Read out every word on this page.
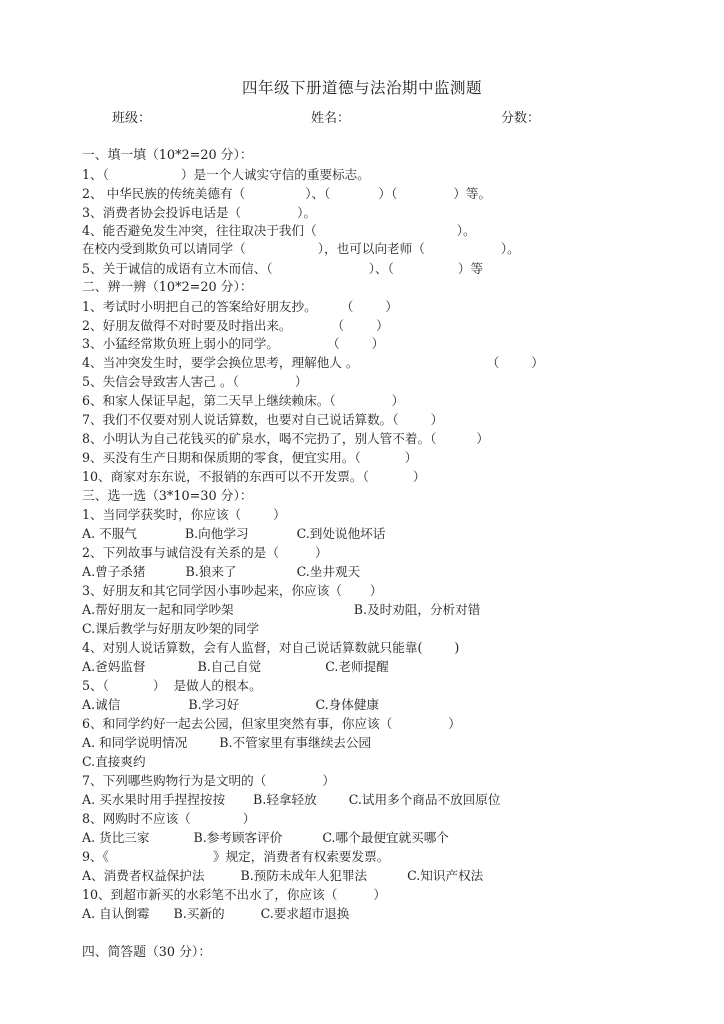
四年级下册道德与法治期中监测题
班级：	姓名：	分数：
一、填一填（10*2=20 分）：
1、（                  ）是一个人诚实守信的重要标志。
2、 中华民族的传统美德有（               ）、（            ）（              ）等。
3、消费者协会投诉电话是（              ）。
4、能否避免发生冲突，往往取决于我们（                                   ）。
在校内受到欺负可以请同学（                  ），也可以向老师（                   ）。
5、关于诚信的成语有立木而信、（                        ）、（                ）等
二、辨一辨（10*2=20 分）：
1、考试时小明把自己的答案给好朋友抄。      （        ）
2、好朋友做得不对时要及时指出来。          （        ）
3、小猛经常欺负班上弱小的同学。            （        ）
4、当冲突发生时，要学会换位思考，理解他人 。                                （        ）
5、失信会导致害人害己 。（              ）
6、和家人保证早起，第二天早上继续赖床。（              ）
7、我们不仅要对别人说话算数，也要对自己说话算数。（        ）
8、小明认为自己花钱买的矿泉水，喝不完扔了，别人管不着。（          ）
9、买没有生产日期和保质期的零食，便宜实用。（           ）
10、商家对东东说，不报销的东西可以不开发票。（           ）
三、选一选（3*10=30 分）：
1、当同学获奖时，你应该（        ）
A. 不服气            B.向他学习            C.到处说他坏话
2、下列故事与诚信没有关系的是（         ）
A.曾子杀猪          B.狼来了               C.坐井观天
3、好朋友和其它同学因小事吵起来，你应该（       ）
A.帮好朋友一起和同学吵架                              B.及时劝阻，分析对错
C.课后教学与好朋友吵架的同学
4、对别人说话算数，会有人监督，对自己说话算数就只能靠(        )
A.爸妈监督             B.自己自觉                C.老师提醒
5、（           ）  是做人的根本。
A.诚信                 B.学习好                   C.身体健康
6、和同学约好一起去公园，但家里突然有事，你应该（              ）
A. 和同学说明情况        B.不管家里有事继续去公园
C.直接爽约
7、下列哪些购物行为是文明的（              ）
A. 买水果时用手捏捏按按       B.轻拿轻放        C.试用多个商品不放回原位
8、网购时不应该（             ）
A. 货比三家           B.参考顾客评价          C.哪个最便宜就买哪个
9、《                          》规定，消费者有权索要发票。
A、消费者权益保护法         B.预防未成年人犯罪法          C.知识产权法
10、到超市新买的水彩笔不出水了，你应该（         ）
A. 自认倒霉      B.买新的         C.要求超市退换
四、简答题（30 分）：
